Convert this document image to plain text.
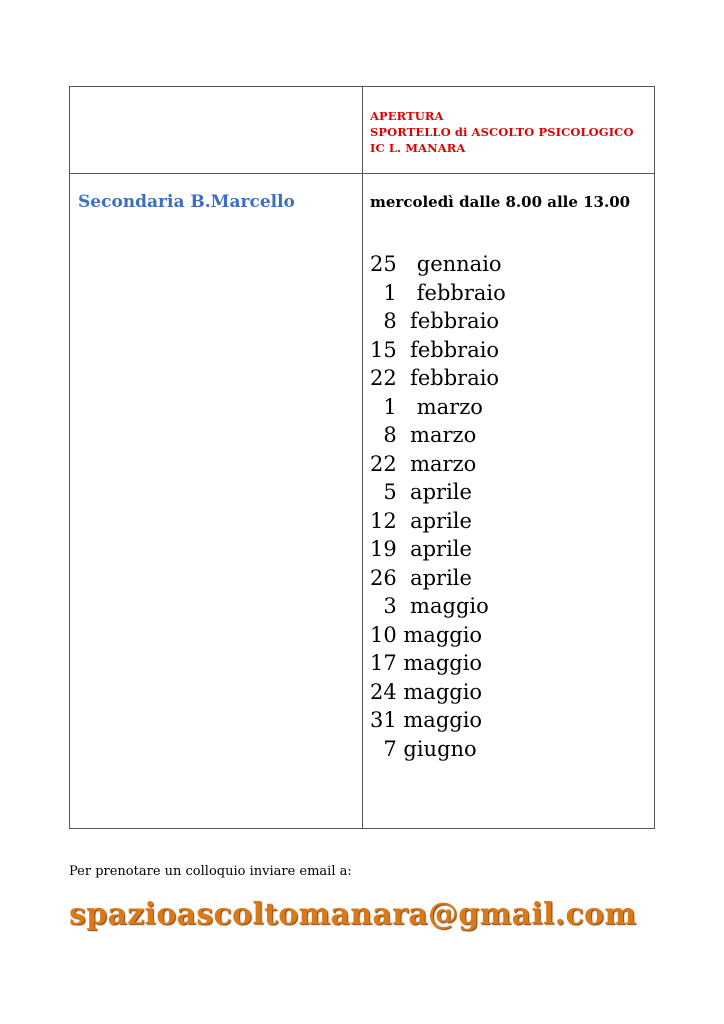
APERTURA
SPORTELLO di ASCOLTO PSICOLOGICO
IC L. MANARA
Secondaria B.Marcello	mercoledì dalle 8.00 alle 13.00
25   gennaio
1   febbraio
8  febbraio
15  febbraio
22  febbraio
1   marzo
8  marzo
22  marzo
5  aprile
12  aprile
19  aprile
26  aprile
3  maggio
10 maggio
17 maggio
24 maggio
31 maggio
7 giugno
Per prenotare un colloquio inviare email a:
spazioascoltomanara@gmail.com
